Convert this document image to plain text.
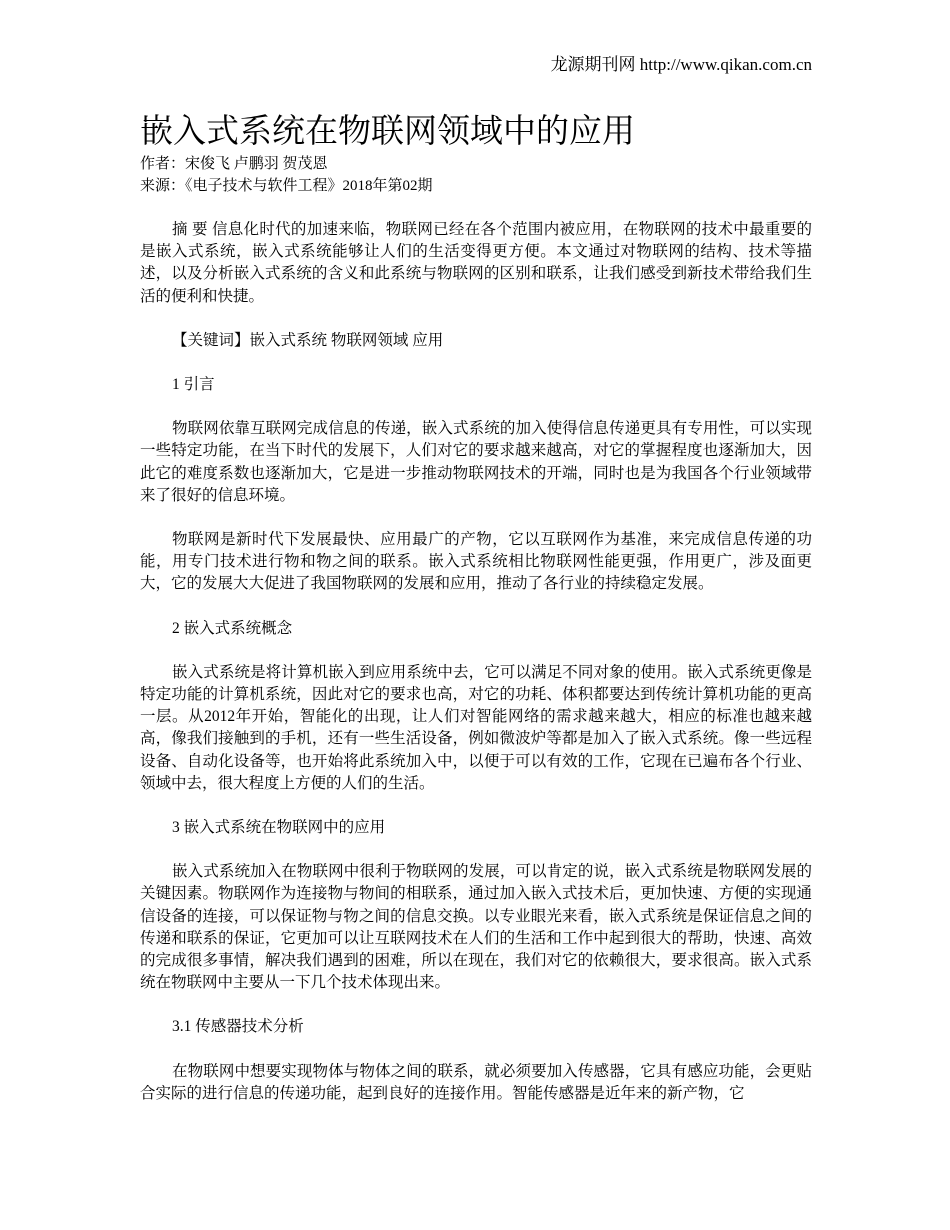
龙源期刊网 http://www.qikan.com.cn
嵌入式系统在物联网领域中的应用
作者：宋俊飞 卢鹏羽 贺茂恩
来源：《电子技术与软件工程》2018年第02期

摘 要 信息化时代的加速来临，物联网已经在各个范围内被应用，在物联网的技术中最重要的是嵌入式系统，嵌入式系统能够让人们的生活变得更方便。本文通过对物联网的结构、技术等描述，以及分析嵌入式系统的含义和此系统与物联网的区别和联系，让我们感受到新技术带给我们生活的便利和快捷。

【关键词】嵌入式系统 物联网领域 应用

1 引言

物联网依靠互联网完成信息的传递，嵌入式系统的加入使得信息传递更具有专用性，可以实现一些特定功能，在当下时代的发展下，人们对它的要求越来越高，对它的掌握程度也逐渐加大，因此它的难度系数也逐渐加大，它是进一步推动物联网技术的开端，同时也是为我国各个行业领域带来了很好的信息环境。

物联网是新时代下发展最快、应用最广的产物，它以互联网作为基准，来完成信息传递的功能，用专门技术进行物和物之间的联系。嵌入式系统相比物联网性能更强，作用更广，涉及面更大，它的发展大大促进了我国物联网的发展和应用，推动了各行业的持续稳定发展。

2 嵌入式系统概念

嵌入式系统是将计算机嵌入到应用系统中去，它可以满足不同对象的使用。嵌入式系统更像是特定功能的计算机系统，因此对它的要求也高，对它的功耗、体积都要达到传统计算机功能的更高一层。从2012年开始，智能化的出现，让人们对智能网络的需求越来越大，相应的标准也越来越高，像我们接触到的手机，还有一些生活设备，例如微波炉等都是加入了嵌入式系统。像一些远程设备、自动化设备等，也开始将此系统加入中，以便于可以有效的工作，它现在已遍布各个行业、领域中去，很大程度上方便的人们的生活。

3 嵌入式系统在物联网中的应用

嵌入式系统加入在物联网中很利于物联网的发展，可以肯定的说，嵌入式系统是物联网发展的关键因素。物联网作为连接物与物间的相联系，通过加入嵌入式技术后，更加快速、方便的实现通信设备的连接，可以保证物与物之间的信息交换。以专业眼光来看，嵌入式系统是保证信息之间的传递和联系的保证，它更加可以让互联网技术在人们的生活和工作中起到很大的帮助，快速、高效的完成很多事情，解决我们遇到的困难，所以在现在，我们对它的依赖很大，要求很高。嵌入式系统在物联网中主要从一下几个技术体现出来。

3.1 传感器技术分析

在物联网中想要实现物体与物体之间的联系，就必须要加入传感器，它具有感应功能，会更贴合实际的进行信息的传递功能，起到良好的连接作用。智能传感器是近年来的新产物，它
